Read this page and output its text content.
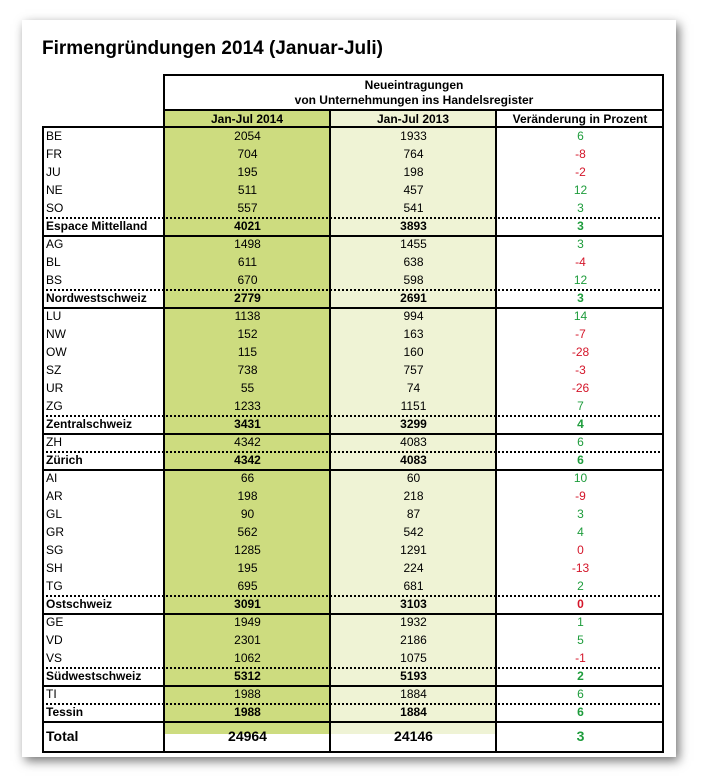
Firmengründungen 2014 (Januar-Juli)
Neueintragungen
von Unternehmungen ins Handelsregister
Jan-Jul 2014	Jan-Jul 2013	Veränderung in Prozent
BE	2054	1933	6
FR	704	764	-8
JU	195	198	-2
NE	511	457	12
SO	557	541	3
Espace Mittelland	4021	3893	3
AG	1498	1455	3
BL	611	638	-4
BS	670	598	12
Nordwestschweiz	2779	2691	3
LU	1138	994	14
NW	152	163	-7
OW	115	160	-28
SZ	738	757	-3
UR	55	74	-26
ZG	1233	1151	7
Zentralschweiz	3431	3299	4
ZH	4342	4083	6
Zürich	4342	4083	6
AI	66	60	10
AR	198	218	-9
GL	90	87	3
GR	562	542	4
SG	1285	1291	0
SH	195	224	-13
TG	695	681	2
Ostschweiz	3091	3103	0
GE	1949	1932	1
VD	2301	2186	5
VS	1062	1075	-1
Südwestschweiz	5312	5193	2
TI	1988	1884	6
Tessin	1988	1884	6
Total	24964	24146	3
